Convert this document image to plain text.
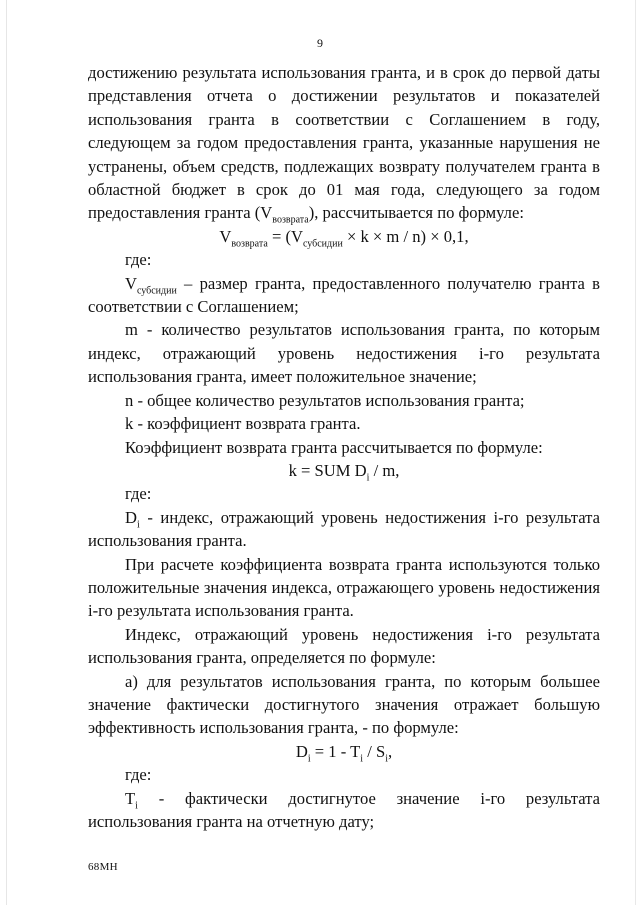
9

достижению результата использования гранта, и в срок до первой даты представления отчета о достижении результатов и показателей использования гранта в соответствии с Соглашением в году, следующем за годом предоставления гранта, указанные нарушения не устранены, объем средств, подлежащих возврату получателем гранта в областной бюджет в срок до 01 мая года, следующего за годом предоставления гранта $(V_{возврата})$, рассчитывается по формуле:

$V_{возврата} = (V_{субсидии} \times k \times m / n) \times 0,1$,

где:

$V_{субсидии}$ – размер гранта, предоставленного получателю гранта в соответствии с Соглашением;

m - количество результатов использования гранта, по которым индекс, отражающий уровень недостижения i-го результата использования гранта, имеет положительное значение;

n - общее количество результатов использования гранта;

k - коэффициент возврата гранта.

Коэффициент возврата гранта рассчитывается по формуле:

k = SUM $D_i$ / m,

где:

$D_i$ - индекс, отражающий уровень недостижения i-го результата использования гранта.

При расчете коэффициента возврата гранта используются только положительные значения индекса, отражающего уровень недостижения i-го результата использования гранта.

Индекс, отражающий уровень недостижения i-го результата использования гранта, определяется по формуле:

а) для результатов использования гранта, по которым большее значение фактически достигнутого значения отражает большую эффективность использования гранта, - по формуле:

$D_i = 1 - T_i / S_i$,

где:

$T_i$ - фактически достигнутое значение i-го результата использования гранта на отчетную дату;

68МН
